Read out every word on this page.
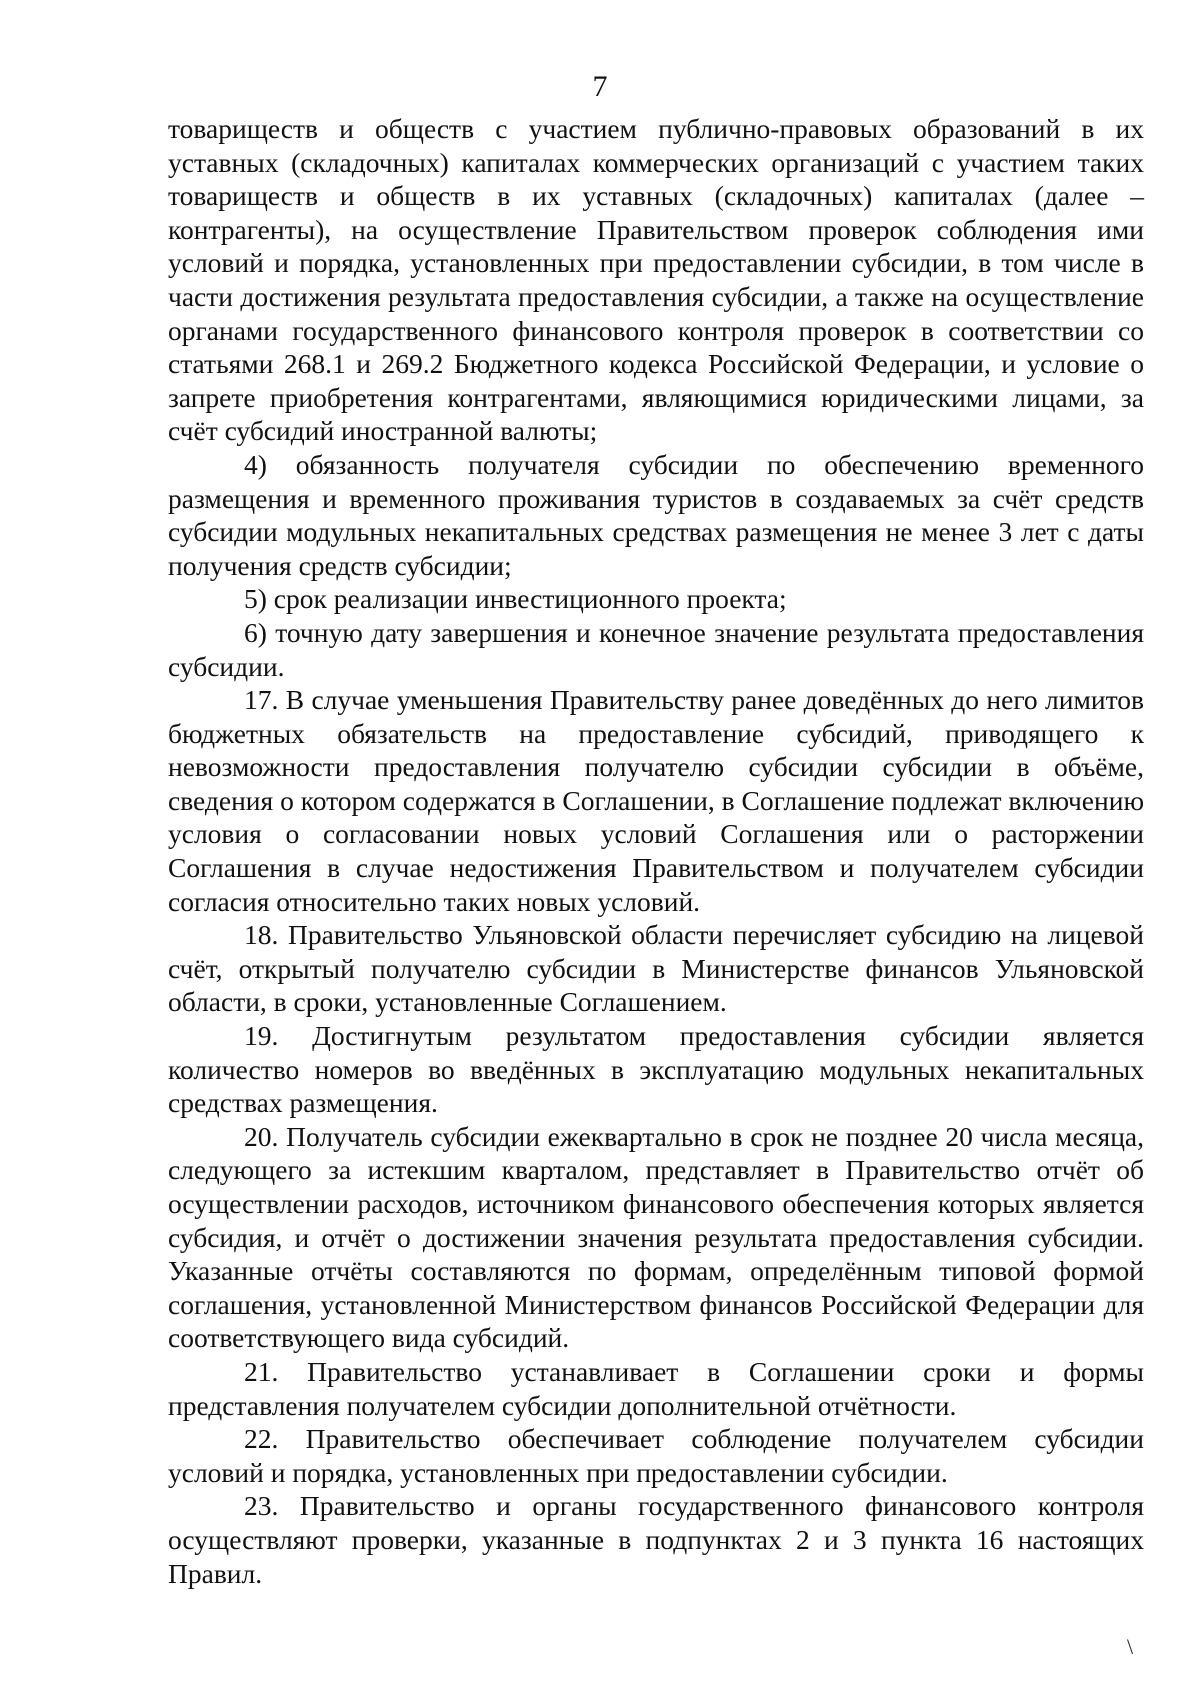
7

товариществ и обществ с участием публично-правовых образований в их уставных (складочных) капиталах коммерческих организаций с участием таких товариществ и обществ в их уставных (складочных) капиталах (далее – контрагенты), на осуществление Правительством проверок соблюдения ими условий и порядка, установленных при предоставлении субсидии, в том числе в части достижения результата предоставления субсидии, а также на осуществление органами государственного финансового контроля проверок в соответствии со статьями 268.1 и 269.2 Бюджетного кодекса Российской Федерации, и условие о запрете приобретения контрагентами, являющимися юридическими лицами, за счёт субсидий иностранной валюты;

4) обязанность получателя субсидии по обеспечению временного размещения и временного проживания туристов в создаваемых за счёт средств субсидии модульных некапитальных средствах размещения не менее 3 лет с даты получения средств субсидии;

5) срок реализации инвестиционного проекта;

6) точную дату завершения и конечное значение результата предоставления субсидии.

17. В случае уменьшения Правительству ранее доведённых до него лимитов бюджетных обязательств на предоставление субсидий, приводящего к невозможности предоставления получателю субсидии субсидии в объёме, сведения о котором содержатся в Соглашении, в Соглашение подлежат включению условия о согласовании новых условий Соглашения или о расторжении Соглашения в случае недостижения Правительством и получателем субсидии согласия относительно таких новых условий.

18. Правительство Ульяновской области перечисляет субсидию на лицевой счёт, открытый получателю субсидии в Министерстве финансов Ульяновской области, в сроки, установленные Соглашением.

19. Достигнутым результатом предоставления субсидии является количество номеров во введённых в эксплуатацию модульных некапитальных средствах размещения.

20. Получатель субсидии ежеквартально в срок не позднее 20 числа месяца, следующего за истекшим кварталом, представляет в Правительство отчёт об осуществлении расходов, источником финансового обеспечения которых является субсидия, и отчёт о достижении значения результата предоставления субсидии. Указанные отчёты составляются по формам, определённым типовой формой соглашения, установленной Министерством финансов Российской Федерации для соответствующего вида субсидий.

21. Правительство устанавливает в Соглашении сроки и формы представления получателем субсидии дополнительной отчётности.

22. Правительство обеспечивает соблюдение получателем субсидии условий и порядка, установленных при предоставлении субсидии.

23. Правительство и органы государственного финансового контроля осуществляют проверки, указанные в подпунктах 2 и 3 пункта 16 настоящих Правил.

\
